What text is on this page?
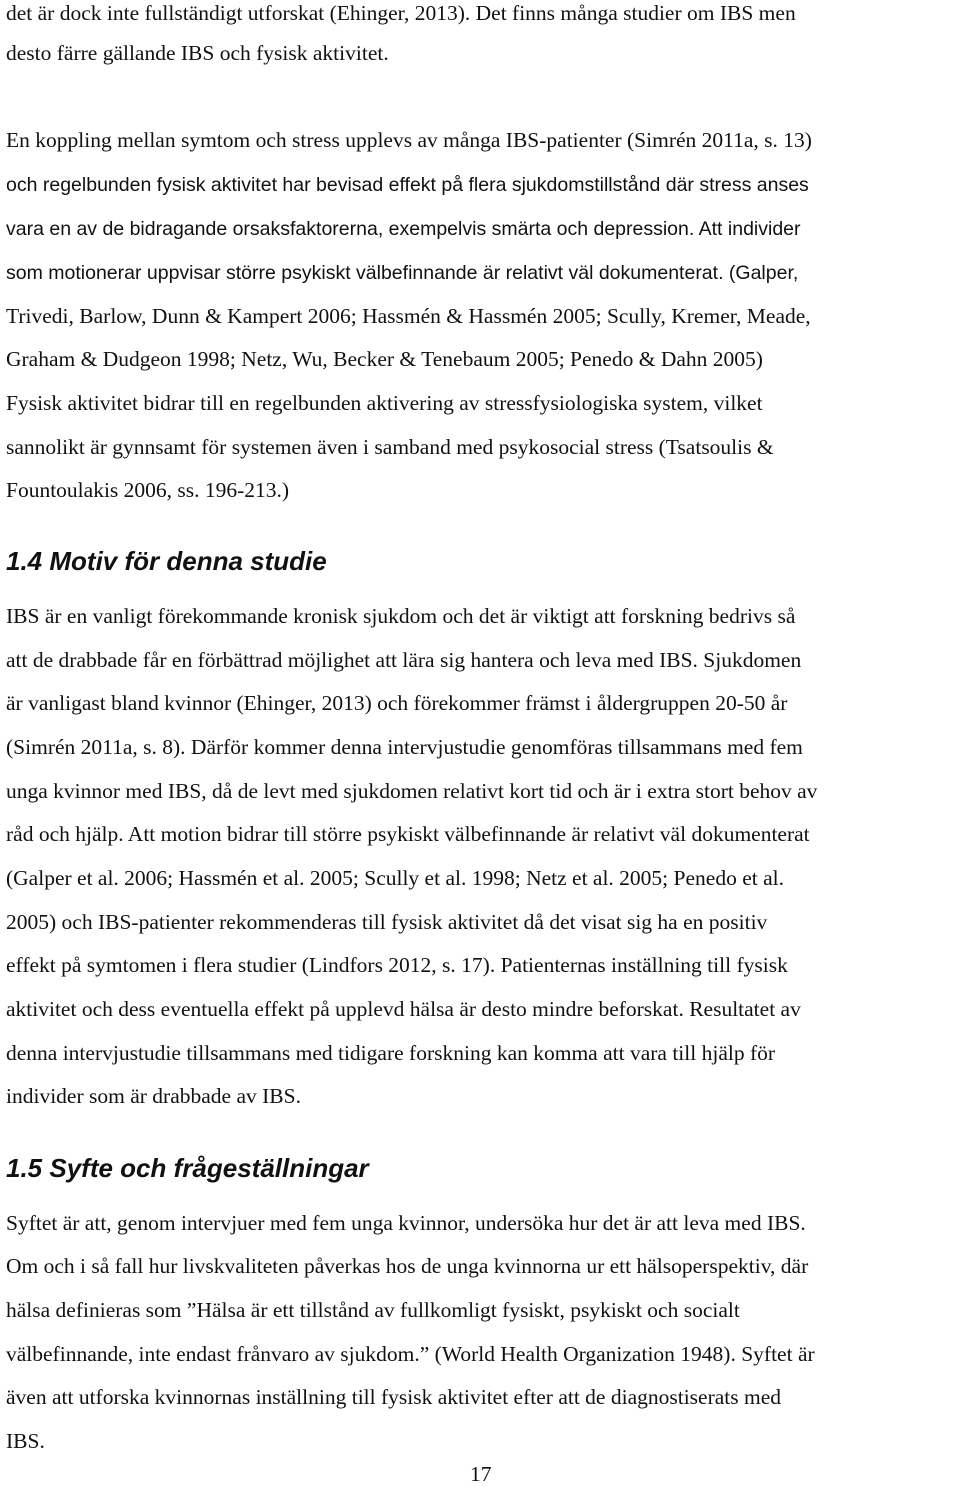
det är dock inte fullständigt utforskat (Ehinger, 2013). Det finns många studier om IBS men
desto färre gällande IBS och fysisk aktivitet.
En koppling mellan symtom och stress upplevs av många IBS-patienter (Simrén 2011a, s. 13)
och regelbunden fysisk aktivitet har bevisad effekt på flera sjukdomstillstånd där stress anses
vara en av de bidragande orsaksfaktorerna, exempelvis smärta och depression. Att individer
som motionerar uppvisar större psykiskt välbefinnande är relativt väl dokumenterat. (Galper,
Trivedi, Barlow, Dunn & Kampert 2006; Hassmén & Hassmén 2005; Scully, Kremer, Meade,
Graham & Dudgeon 1998; Netz, Wu, Becker & Tenebaum 2005; Penedo & Dahn 2005)
Fysisk aktivitet bidrar till en regelbunden aktivering av stressfysiologiska system, vilket
sannolikt är gynnsamt för systemen även i samband med psykosocial stress (Tsatsoulis &
Fountoulakis 2006, ss. 196-213.)
1.4 Motiv för denna studie
IBS är en vanligt förekommande kronisk sjukdom och det är viktigt att forskning bedrivs så
att de drabbade får en förbättrad möjlighet att lära sig hantera och leva med IBS. Sjukdomen
är vanligast bland kvinnor (Ehinger, 2013) och förekommer främst i åldergruppen 20-50 år
(Simrén 2011a, s. 8). Därför kommer denna intervjustudie genomföras tillsammans med fem
unga kvinnor med IBS, då de levt med sjukdomen relativt kort tid och är i extra stort behov av
råd och hjälp. Att motion bidrar till större psykiskt välbefinnande är relativt väl dokumenterat
(Galper et al. 2006; Hassmén et al. 2005; Scully et al. 1998; Netz et al. 2005; Penedo et al.
2005) och IBS-patienter rekommenderas till fysisk aktivitet då det visat sig ha en positiv
effekt på symtomen i flera studier (Lindfors 2012, s. 17). Patienternas inställning till fysisk
aktivitet och dess eventuella effekt på upplevd hälsa är desto mindre beforskat. Resultatet av
denna intervjustudie tillsammans med tidigare forskning kan komma att vara till hjälp för
individer som är drabbade av IBS.
1.5 Syfte och frågeställningar
Syftet är att, genom intervjuer med fem unga kvinnor, undersöka hur det är att leva med IBS.
Om och i så fall hur livskvaliteten påverkas hos de unga kvinnorna ur ett hälsoperspektiv, där
hälsa definieras som ”Hälsa är ett tillstånd av fullkomligt fysiskt, psykiskt och socialt
välbefinnande, inte endast frånvaro av sjukdom.” (World Health Organization 1948). Syftet är
även att utforska kvinnornas inställning till fysisk aktivitet efter att de diagnostiserats med
IBS.
17
